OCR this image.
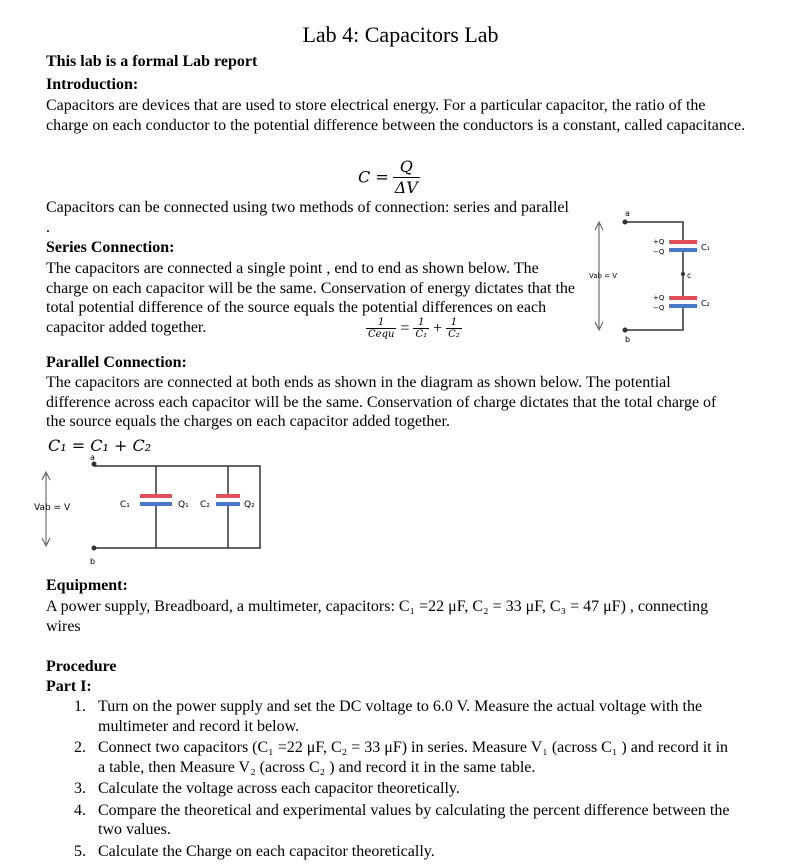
Lab 4: Capacitors Lab
This lab is a formal Lab report
Introduction:
Capacitors are devices that are used to store electrical energy. For a particular capacitor, the ratio of the charge on each conductor to the potential difference between the conductors is a constant, called capacitance.
$C = \frac{Q}{\Delta V}$
Capacitors can be connected using two methods of connection: series and parallel .
Series Connection:
The capacitors are connected a single point , end to end as shown below. The charge on each capacitor will be the same. Conservation of energy dictates that the total potential difference of the source equals the potential differences on each capacitor added together.	$\frac{1}{\text{Cequ}} = \frac{1}{\text{C₁}} + \frac{1}{\text{C₂}}$
a
b
c
Vab = V
C₁
C₂
+Q
−Q
+Q
−Q
Parallel Connection:
The capacitors are connected at both ends as shown in the diagram as shown below. The potential difference across each capacitor will be the same. Conservation of charge dictates that the total charge of the source equals the charges on each capacitor added together.
C₁ = C₁ + C₂
a
b
Vab = V	C₁	Q₁ C₂	Q₂
Equipment:
A power supply, Breadboard, a multimeter, capacitors: C₁ =22 μF, C₂ = 33 μF, C₃ = 47 μF) , connecting wires
Procedure
Part I:
1. Turn on the power supply and set the DC voltage to 6.0 V. Measure the actual voltage with the multimeter and record it below.
2. Connect two capacitors (C₁ =22 μF, C₂ = 33 μF) in series. Measure V₁ (across C₁ ) and record it in a table, then Measure V₂ (across C₂ ) and record it in the same table.
3. Calculate the voltage across each capacitor theoretically.
4. Compare the theoretical and experimental values by calculating the percent difference between the two values.
5. Calculate the Charge on each capacitor theoretically.
